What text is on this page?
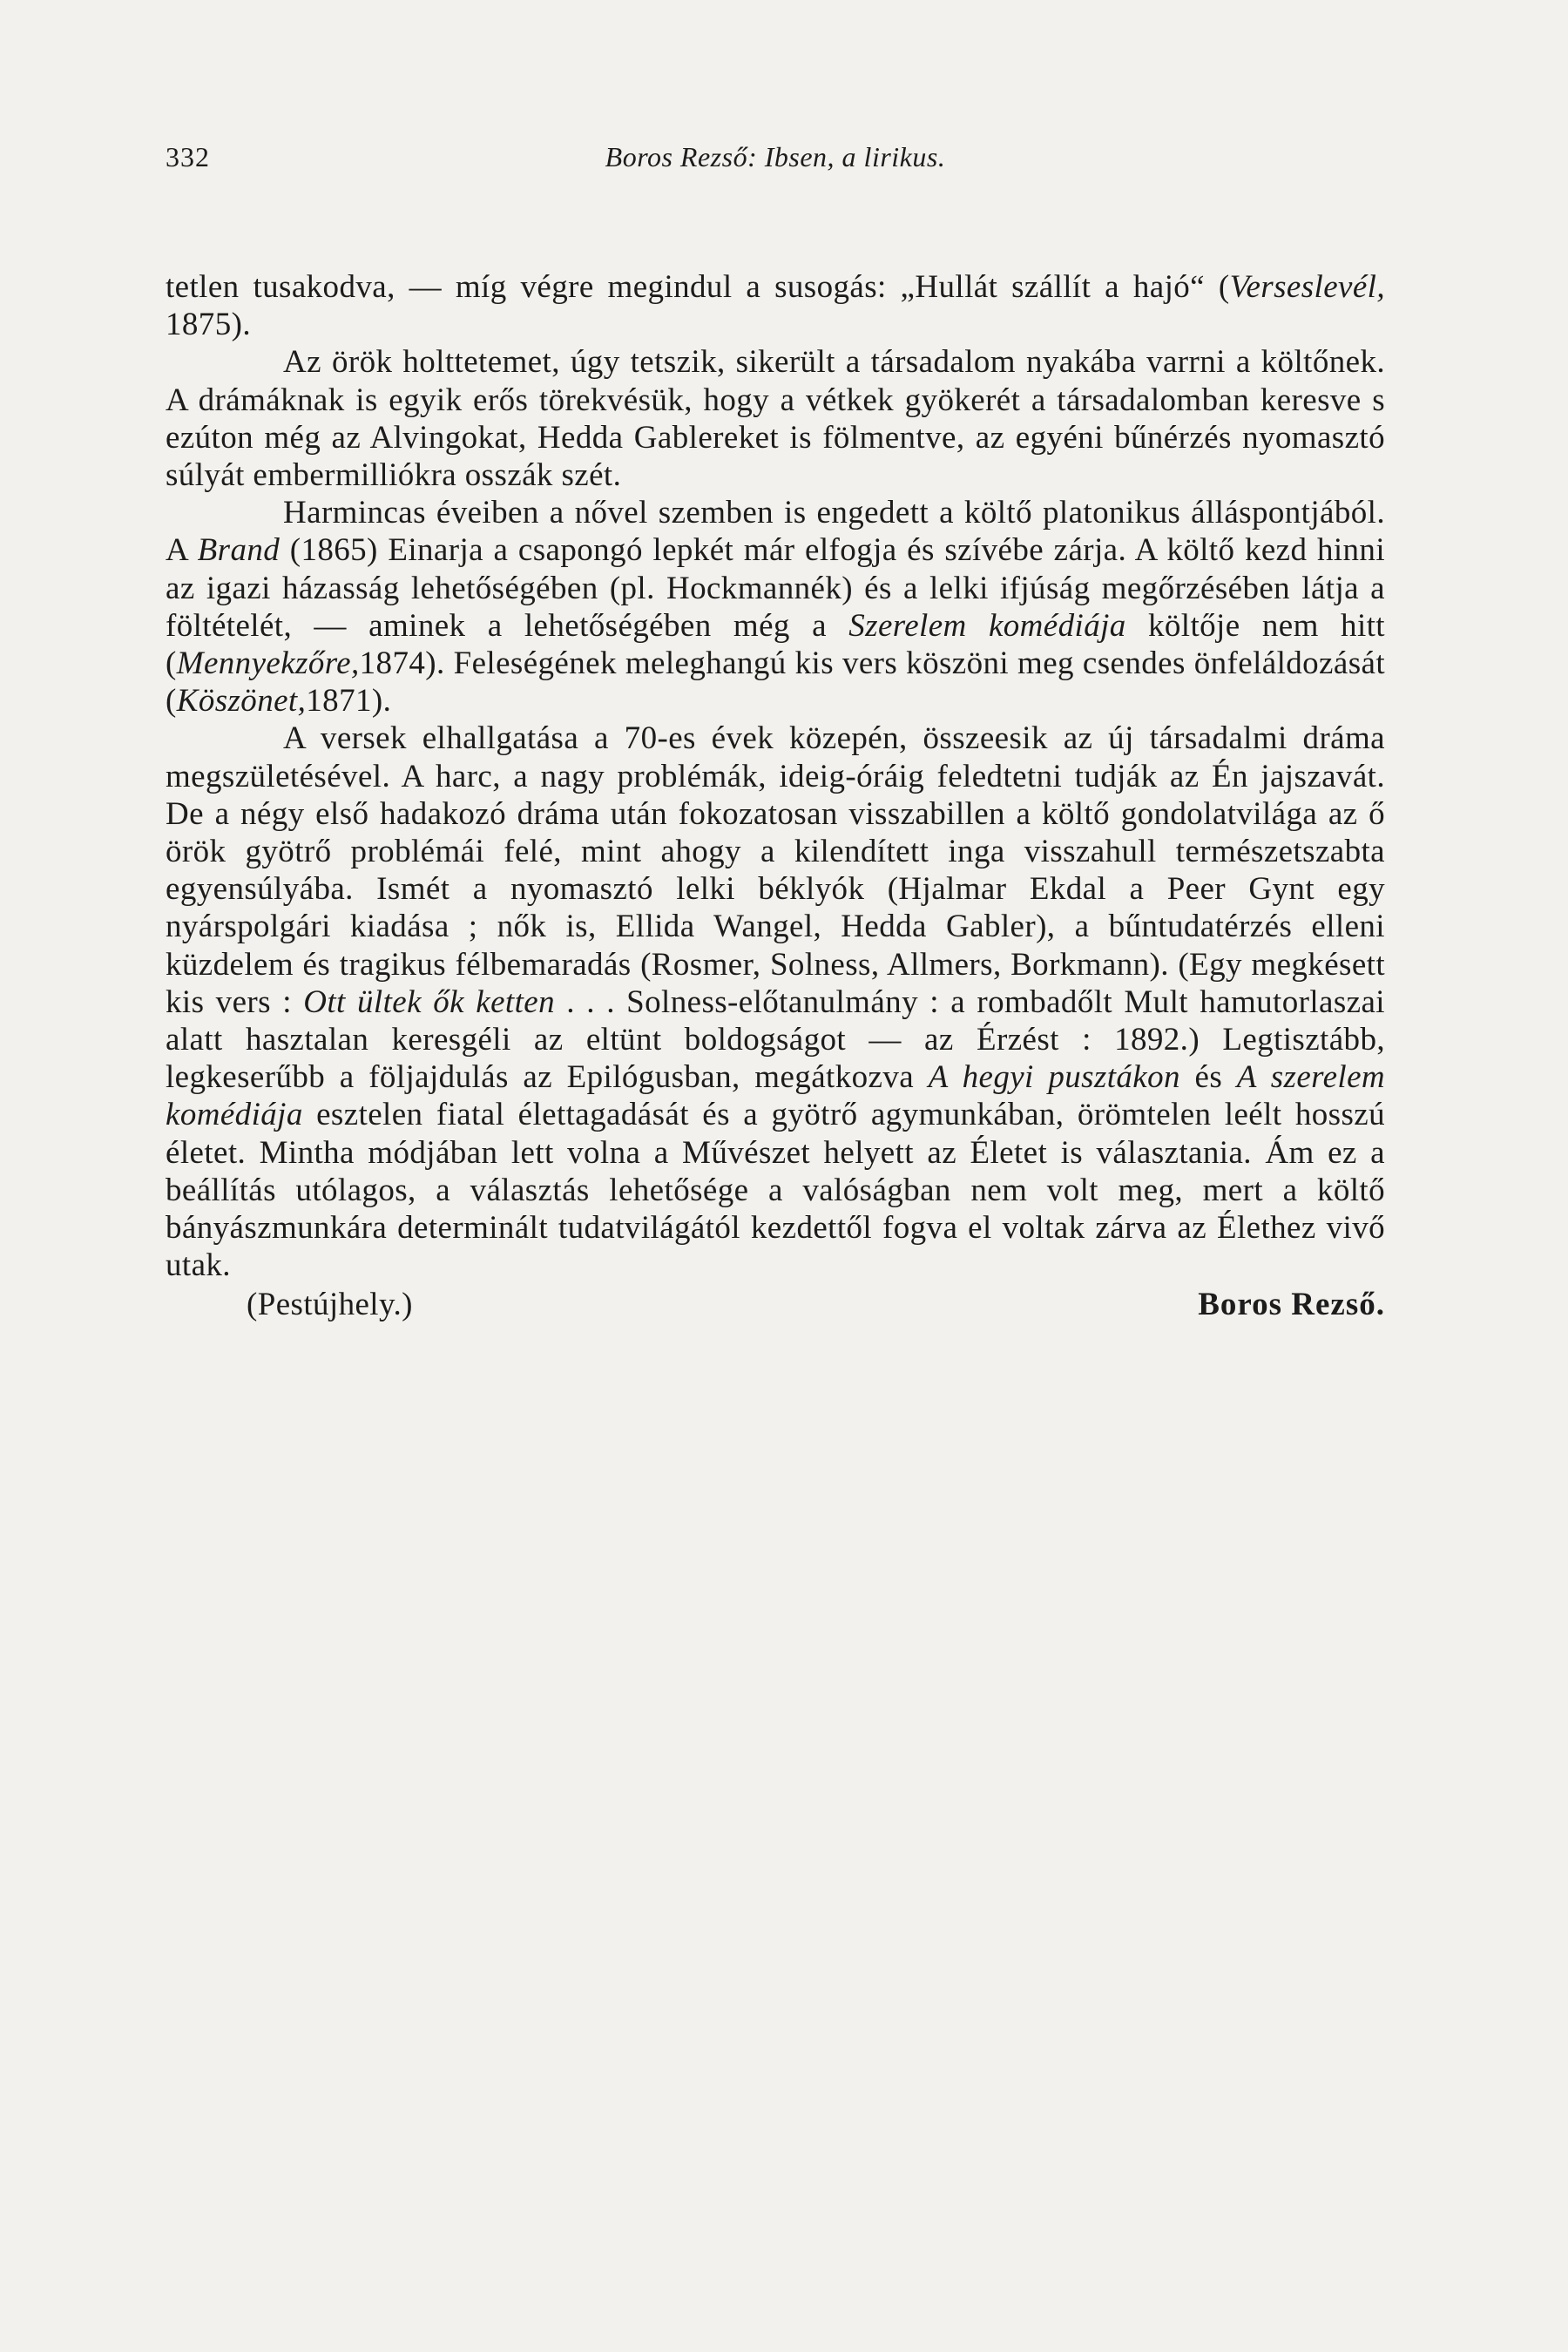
332	Boros Rezső: Ibsen, a lirikus.

tetlen tusakodva, — míg végre megindul a susogás: „Hullát szállít a hajó“ (Verseslevél, 1875).

Az örök holttetemet, úgy tetszik, sikerült a társadalom nyakába varrni a költőnek. A drámáknak is egyik erős törekvésük, hogy a vétkek gyökerét a társadalomban keresve s ezúton még az Alvingokat, Hedda Gablereket is fölmentve, az egyéni bűnérzés nyomasztó súlyát embermilliókra osszák szét.

Harmincas éveiben a nővel szemben is engedett a költő platonikus álláspontjából. A Brand (1865) Einarja a csapongó lepkét már elfogja és szívébe zárja. A költő kezd hinni az igazi házasság lehetőségében (pl. Hockmannék) és a lelki ifjúság megőrzésében látja a föltételét, — aminek a lehetőségében még a Szerelem komédiája költője nem hitt (Mennyekzőre,1874). Feleségének meleghangú kis vers köszöni meg csendes önfeláldozását (Köszönet,1871).

A versek elhallgatása a 70-es évek közepén, összeesik az új társadalmi dráma megszületésével. A harc, a nagy problémák, ideig-óráig feledtetni tudják az Én jajszavát. De a négy első hadakozó dráma után fokozatosan visszabillen a költő gondolatvilága az ő örök gyötrő problémái felé, mint ahogy a kilendített inga visszahull természetszabta egyensúlyába. Ismét a nyomasztó lelki béklyók (Hjalmar Ekdal a Peer Gynt egy nyárspolgári kiadása ; nők is, Ellida Wangel, Hedda Gabler), a bűntudatérzés elleni küzdelem és tragikus félbemaradás (Rosmer, Solness, Allmers, Borkmann). (Egy megkésett kis vers : Ott ültek ők ketten . . . Solness-előtanulmány : a rombadőlt Mult hamutorlaszai alatt hasztalan keresgéli az eltünt boldogságot — az Érzést : 1892.) Legtisztább, legkeserűbb a följajdulás az Epilógusban, megátkozva A hegyi pusztákon és A szerelem komédiája esztelen fiatal élettagadását és a gyötrő agymunkában, örömtelen leélt hosszú életet. Mintha módjában lett volna a Művészet helyett az Életet is választania. Ám ez a beállítás utólagos, a választás lehetősége a valóságban nem volt meg, mert a költő bányászmunkára determinált tudatvilágától kezdettől fogva el voltak zárva az Élethez vivő utak.

(Pestújhely.)	Boros Rezső.
